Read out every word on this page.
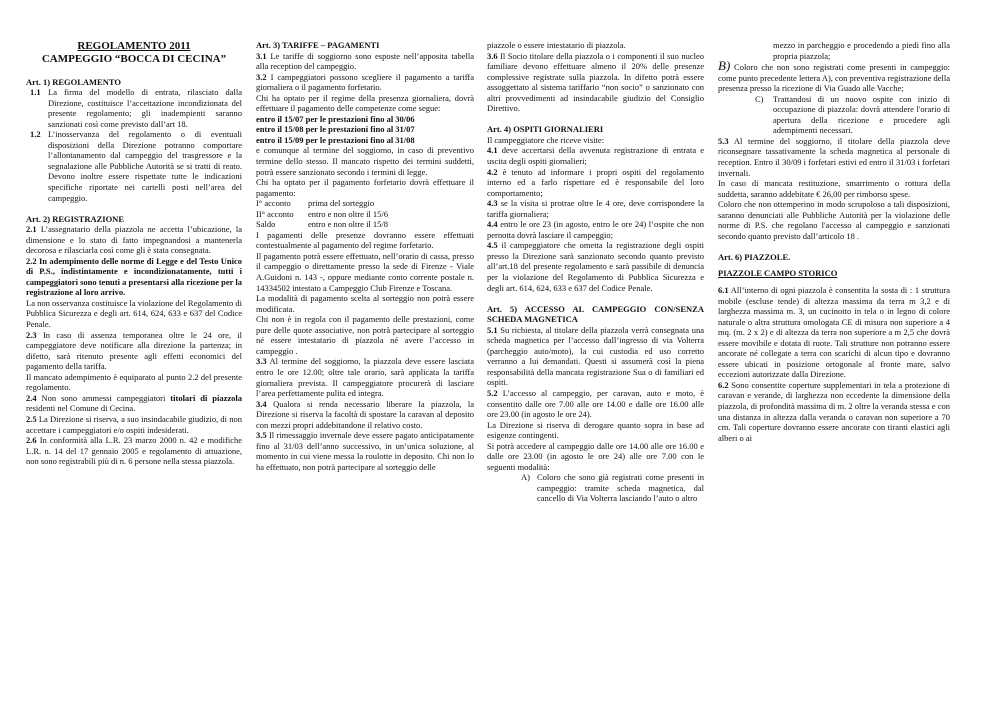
REGOLAMENTO 2011
CAMPEGGIO “BOCCA DI CECINA”

Art. 1) REGOLAMENTO

1.1 La firma del modello di entrata, rilasciato dalla Direzione, costituisce l’accettazione incondizionata del presente regolamento; gli inadempienti saranno sanzionati così come previsto dall’art 18.

1.2 L’inosservanza del regolamento o di eventuali disposizioni della Direzione potranno comportare l’allontanamento dal campeggio del trasgressore e la segnalazione alle Pubbliche Autorità se si tratti di reato. Devono inoltre essere rispettate tutte le indicazioni specifiche riportate nei cartelli posti nell’area del campeggio.

Art. 2) REGISTRAZIONE

2.1 L’assegnatario della piazzola ne accetta l’ubicazione, la dimensione e lo stato di fatto impegnandosi a mantenerla decorosa e rilasciarla così come gli è stata consegnata.

2.2 In adempimento delle norme di Legge e del Testo Unico di P.S., indistintamente e incondizionatamente, tutti i campeggiatori sono tenuti a presentarsi alla ricezione per la registrazione al loro arrivo.

La non osservanza costituisce la violazione del Regolamento di Pubblica Sicurezza e degli art. 614, 624, 633 e 637 del Codice Penale.

2.3 In caso di assenza temporanea oltre le 24 ore, il campeggiatore deve notificare alla direzione la partenza; in difetto, sarà ritenuto presente agli effetti economici del pagamento della tariffa.

Il mancato adempimento è equiparato al punto 2.2 del presente regolamento.

2.4 Non sono ammessi campeggiatori titolari di piazzola residenti nel Comune di Cecina.

2.5 La Direzione si riserva, a suo insindacabile giudizio, di non accettare i campeggiatori e/o ospiti indesiderati.

2.6 In conformità alla L.R. 23 marzo 2000 n. 42 e modifiche L.R. n. 14 del 17 gennaio 2005 e regolamento di attuazione, non sono registrabili più di n. 6 persone nella stessa piazzola.

Art. 3) TARIFFE – PAGAMENTI

3.1 Le tariffe di soggiorno sono esposte nell’apposita tabella alla reception del campeggio.

3.2 I campeggiatori possono scegliere il pagamento a tariffa giornaliera o il pagamento forfetario.

Chi ha optato per il regime della presenza giornaliera, dovrà effettuare il pagamento delle competenze come segue:

entro il 15/07 per le prestazioni fino al 30/06

entro il 15/08 per le prestazioni fino al 31/07

entro il 15/09 per le prestazioni fino al 31/08

e comunque al termine del soggiorno, in caso di preventivo termine dello stesso. Il mancato rispetto dei termini suddetti, potrà essere sanzionato secondo i termini di legge.

Chi ha optato per il pagamento forfetario dovrà effettuare il pagamento:

I° acconto	prima del sorteggio
II° acconto	entro e non oltre il 15/6
Saldo	entro e non oltre il 15/8

I pagamenti delle presenze dovranno essere effettuati contestualmente al pagamento del regime forfetario.

Il pagamento potrà essere effettuato, nell’orario di cassa, presso il campeggio o direttamente presso la sede di Firenze - Viale A.Guidoni n. 143 -, oppure mediante conto corrente postale n. 14334502 intestato a Campeggio Club Firenze e Toscana.

La modalità di pagamento scelta al sorteggio non potrà essere modificata.

Chi non è in regola con il pagamento delle prestazioni, come pure delle quote associative, non potrà partecipare al sorteggio né essere intestatario di piazzola né avere l’accesso in campeggio .

3.3 Al termine del soggiorno, la piazzola deve essere lasciata entro le ore 12.00; oltre tale orario, sarà applicata la tariffa giornaliera prevista. Il campeggiatore procurerà di lasciare l’area perfettamente pulita ed integra.

3.4 Qualora si renda necessario liberare la piazzola, la Direzione si riserva la facoltà di spostare la caravan al deposito con mezzi propri addebitandone il relativo costo.

3.5 Il rimessaggio invernale deve essere pagato anticipatamente fino al 31/03 dell’anno successivo, in un’unica soluzione, al momento in cui viene messa la roulotte in deposito. Chi non lo ha effettuato, non potrà partecipare al sorteggio delle

piazzole o essere intestatario di piazzola.

3.6 Il Socio titolare della piazzola o i componenti il suo nucleo familiare devono effettuare almeno il 20% delle presenze complessive registrate sulla piazzola. In difetto potrà essere assoggettato al sistema tariffario “non socio” o sanzionato con altri provvedimenti ad insindacabile giudizio del Consiglio Direttivo.

Art. 4) OSPITI GIORNALIERI

Il campeggiatore che riceve visite:

4.1 deve accertarsi della avvenuta registrazione di entrata e uscita degli ospiti giornalieri;

4.2 è tenuto ad informare i propri ospiti del regolamento interno ed a farlo rispettare ed è responsabile del loro comportamento;

4.3 se la visita si protrae oltre le 4 ore, deve corrispondere la tariffa giornaliera;

4.4 entro le ore 23 (in agosto, entro le ore 24) l’ospite che non pernotta dovrà lasciare il campeggio;

4.5 il campeggiatore che ometta la registrazione degli ospiti presso la Direzione sarà sanzionato secondo quanto previsto all’art.18 del presente regolamento e sarà passibile di denuncia per la violazione del Regolamento di Pubblica Sicurezza e degli art. 614, 624, 633 e 637 del Codice Penale.

Art. 5) ACCESSO AL CAMPEGGIO CON/SENZA SCHEDA MAGNETICA

5.1 Su richiesta, al titolare della piazzola verrà consegnata una scheda magnetica per l’accesso dall’ingresso di via Volterra (parcheggio auto/moto), la cui custodia ed uso corretto verranno a lui demandati. Questi si assumerà così la piena responsabilità della mancata registrazione Sua o di familiari ed ospiti.

5.2 L’accesso al campeggio, per caravan, auto e moto, è consentito dalle ore 7.00 alle ore 14.00 e dalle ore 16.00 alle ore 23.00 (in agosto le ore 24).

La Direzione si riserva di derogare quanto sopra in base ad esigenze contingenti.

Si potrà accedere al campeggio dalle ore 14.00 alle ore 16.00 e dalle ore 23.00 (in agosto le ore 24) alle ore 7.00 con le seguenti modalità:

A) Coloro che sono già registrati come presenti in campeggio: tramite scheda magnetica, dal cancello di Via Volterra lasciando l’auto o altro

mezzo in parcheggio e procedendo a piedi fino alla propria piazzola;

B) Coloro che non sono registrati come presenti in campeggio: come punto precedente lettera A), con preventiva registrazione della presenza presso la ricezione di Via Guado alle Vacche;

C) Trattandosi di un nuovo ospite con inizio di occupazione di piazzola: dovrà attendere l'orario di apertura della ricezione e procedere agli adempimenti necessari.

5.3 Al termine del soggiorno, il titolare della piazzola deve riconsegnare tassativamente la scheda magnetica al personale di reception. Entro il 30/09 i forfetari estivi ed entro il 31/03 i forfetari invernali.

In caso di mancata restituzione, smarrimento o rottura della suddetta, saranno addebitate € 26,00 per rimborso spese.

Coloro che non ottemperino in modo scrupoloso a tali disposizioni, saranno denunciati alle Pubbliche Autorità per la violazione delle norme di P.S. che regolano l'accesso al campeggio e sanzionati secondo quanto previsto dall’articolo 18 .

Art. 6) PIAZZOLE.

PIAZZOLE CAMPO STORICO

6.1 All’interno di ogni piazzola è consentita la sosta di : 1 struttura mobile (escluse tende) di altezza massima da terra m 3,2 e di larghezza massima m. 3, un cucinotto in tela o in legno di colore naturale o altra struttura omologata CE di misura non superiore a 4 mq. (m. 2 x 2) e di altezza da terra non superiore a m 2,5 che dovrà essere movibile e dotata di ruote. Tali strutture non potranno essere ancorate né collegate a terra con scarichi di alcun tipo e dovranno essere ubicati in posizione ortogonale al fronte mare, salvo eccezioni autorizzate dalla Direzione.

6.2 Sono consentite coperture supplementari in tela a protezione di caravan e verande, di larghezza non eccedente la dimensione della piazzola, di profondità massima di m. 2 oltre la veranda stessa e con una distanza in altezza dalla veranda o caravan non superiore a 70 cm. Tali coperture dovranno essere ancorate con tiranti elastici agli alberi o ai
